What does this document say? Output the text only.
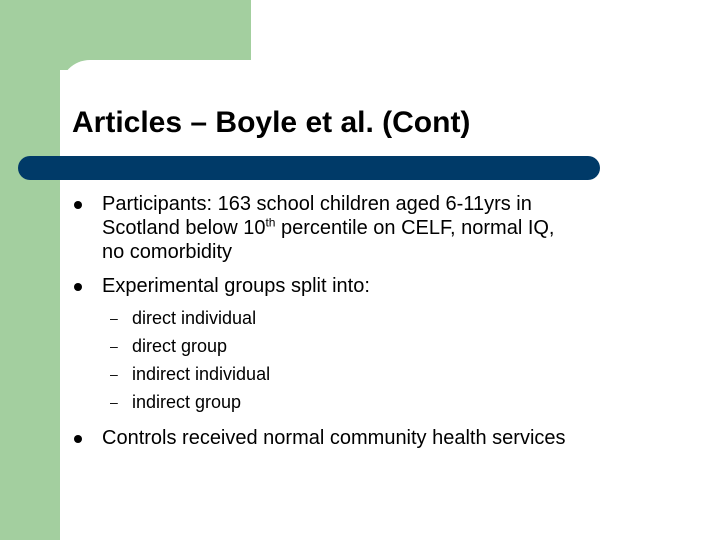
Articles – Boyle et al. (Cont)
Participants: 163 school children aged 6-11yrs in
Scotland below 10th percentile on CELF, normal IQ,
no comorbidity
Experimental groups split into:
– direct individual
– direct group
– indirect individual
– indirect group
Controls received normal community health services
